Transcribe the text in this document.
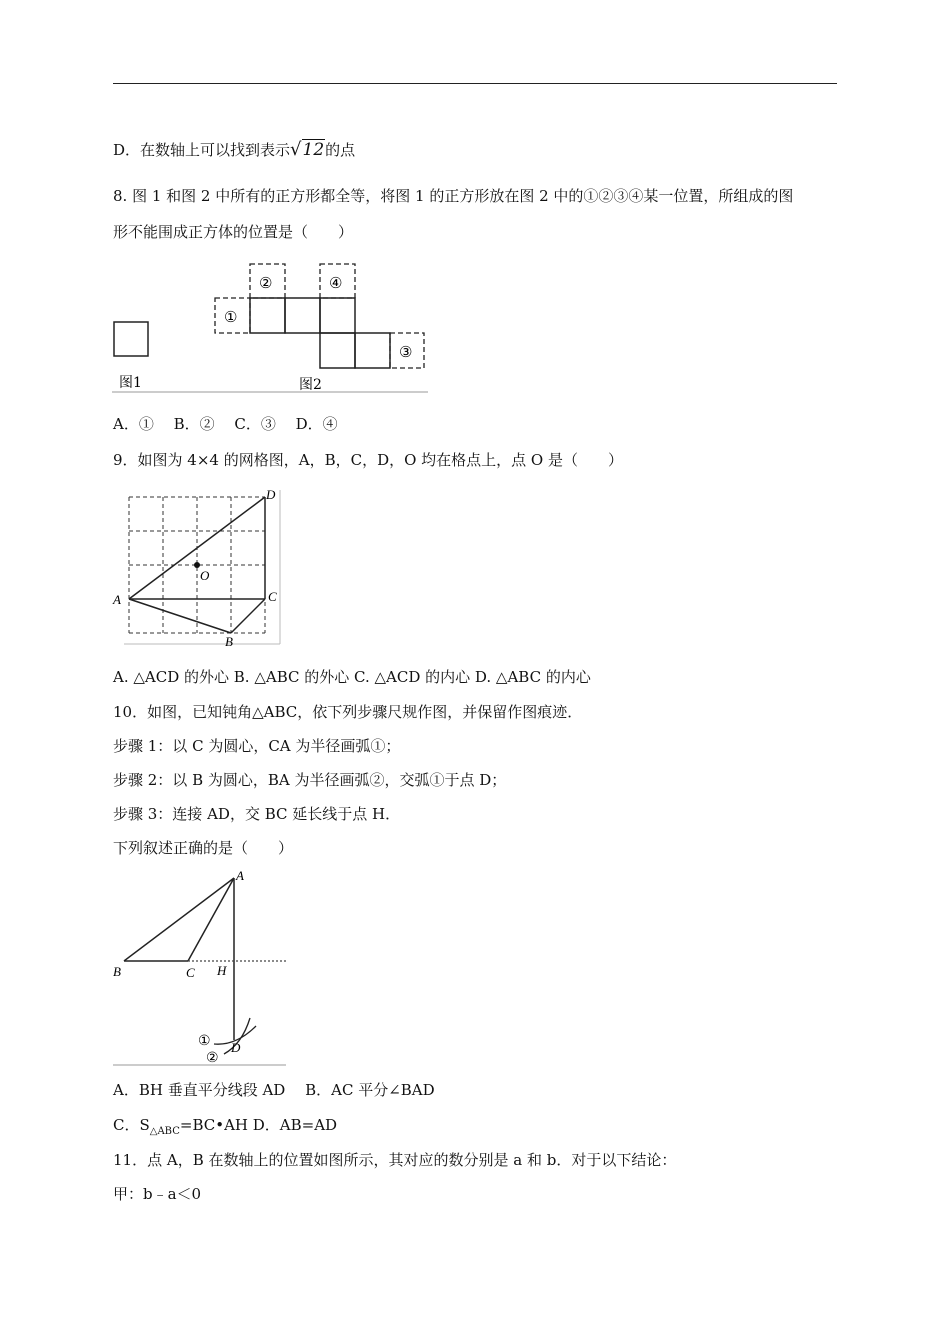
D．在数轴上可以找到表示√12的点
8. 图 1 和图 2 中所有的正方形都全等，将图 1 的正方形放在图 2 中的①②③④某一位置，所组成的图
形不能围成正方体的位置是（　　）
①
②
③
④
图1	图2
A．①　 B．②　 C．③　 D．④
9．如图为 4×4 的网格图，A，B，C，D，O 均在格点上，点 O 是（　　）
A
B
C
D
O
A. △ACD 的外心 B. △ABC 的外心 C. △ACD 的内心 D. △ABC 的内心
10．如图，已知钝角△ABC，依下列步骤尺规作图，并保留作图痕迹．
步骤 1：以 C 为圆心，CA 为半径画弧①；
步骤 2：以 B 为圆心，BA 为半径画弧②，交弧①于点 D；
步骤 3：连接 AD，交 BC 延长线于点 H．
下列叙述正确的是（　　）
A
B	C H
D
①
②
A．BH 垂直平分线段 AD　 B．AC 平分∠BAD
C．$S_{\triangle ABC}=BC•AH$ D．AB=AD
11．点 A，B 在数轴上的位置如图所示，其对应的数分别是 a 和 b．对于以下结论：
甲：b﹣a＜0
